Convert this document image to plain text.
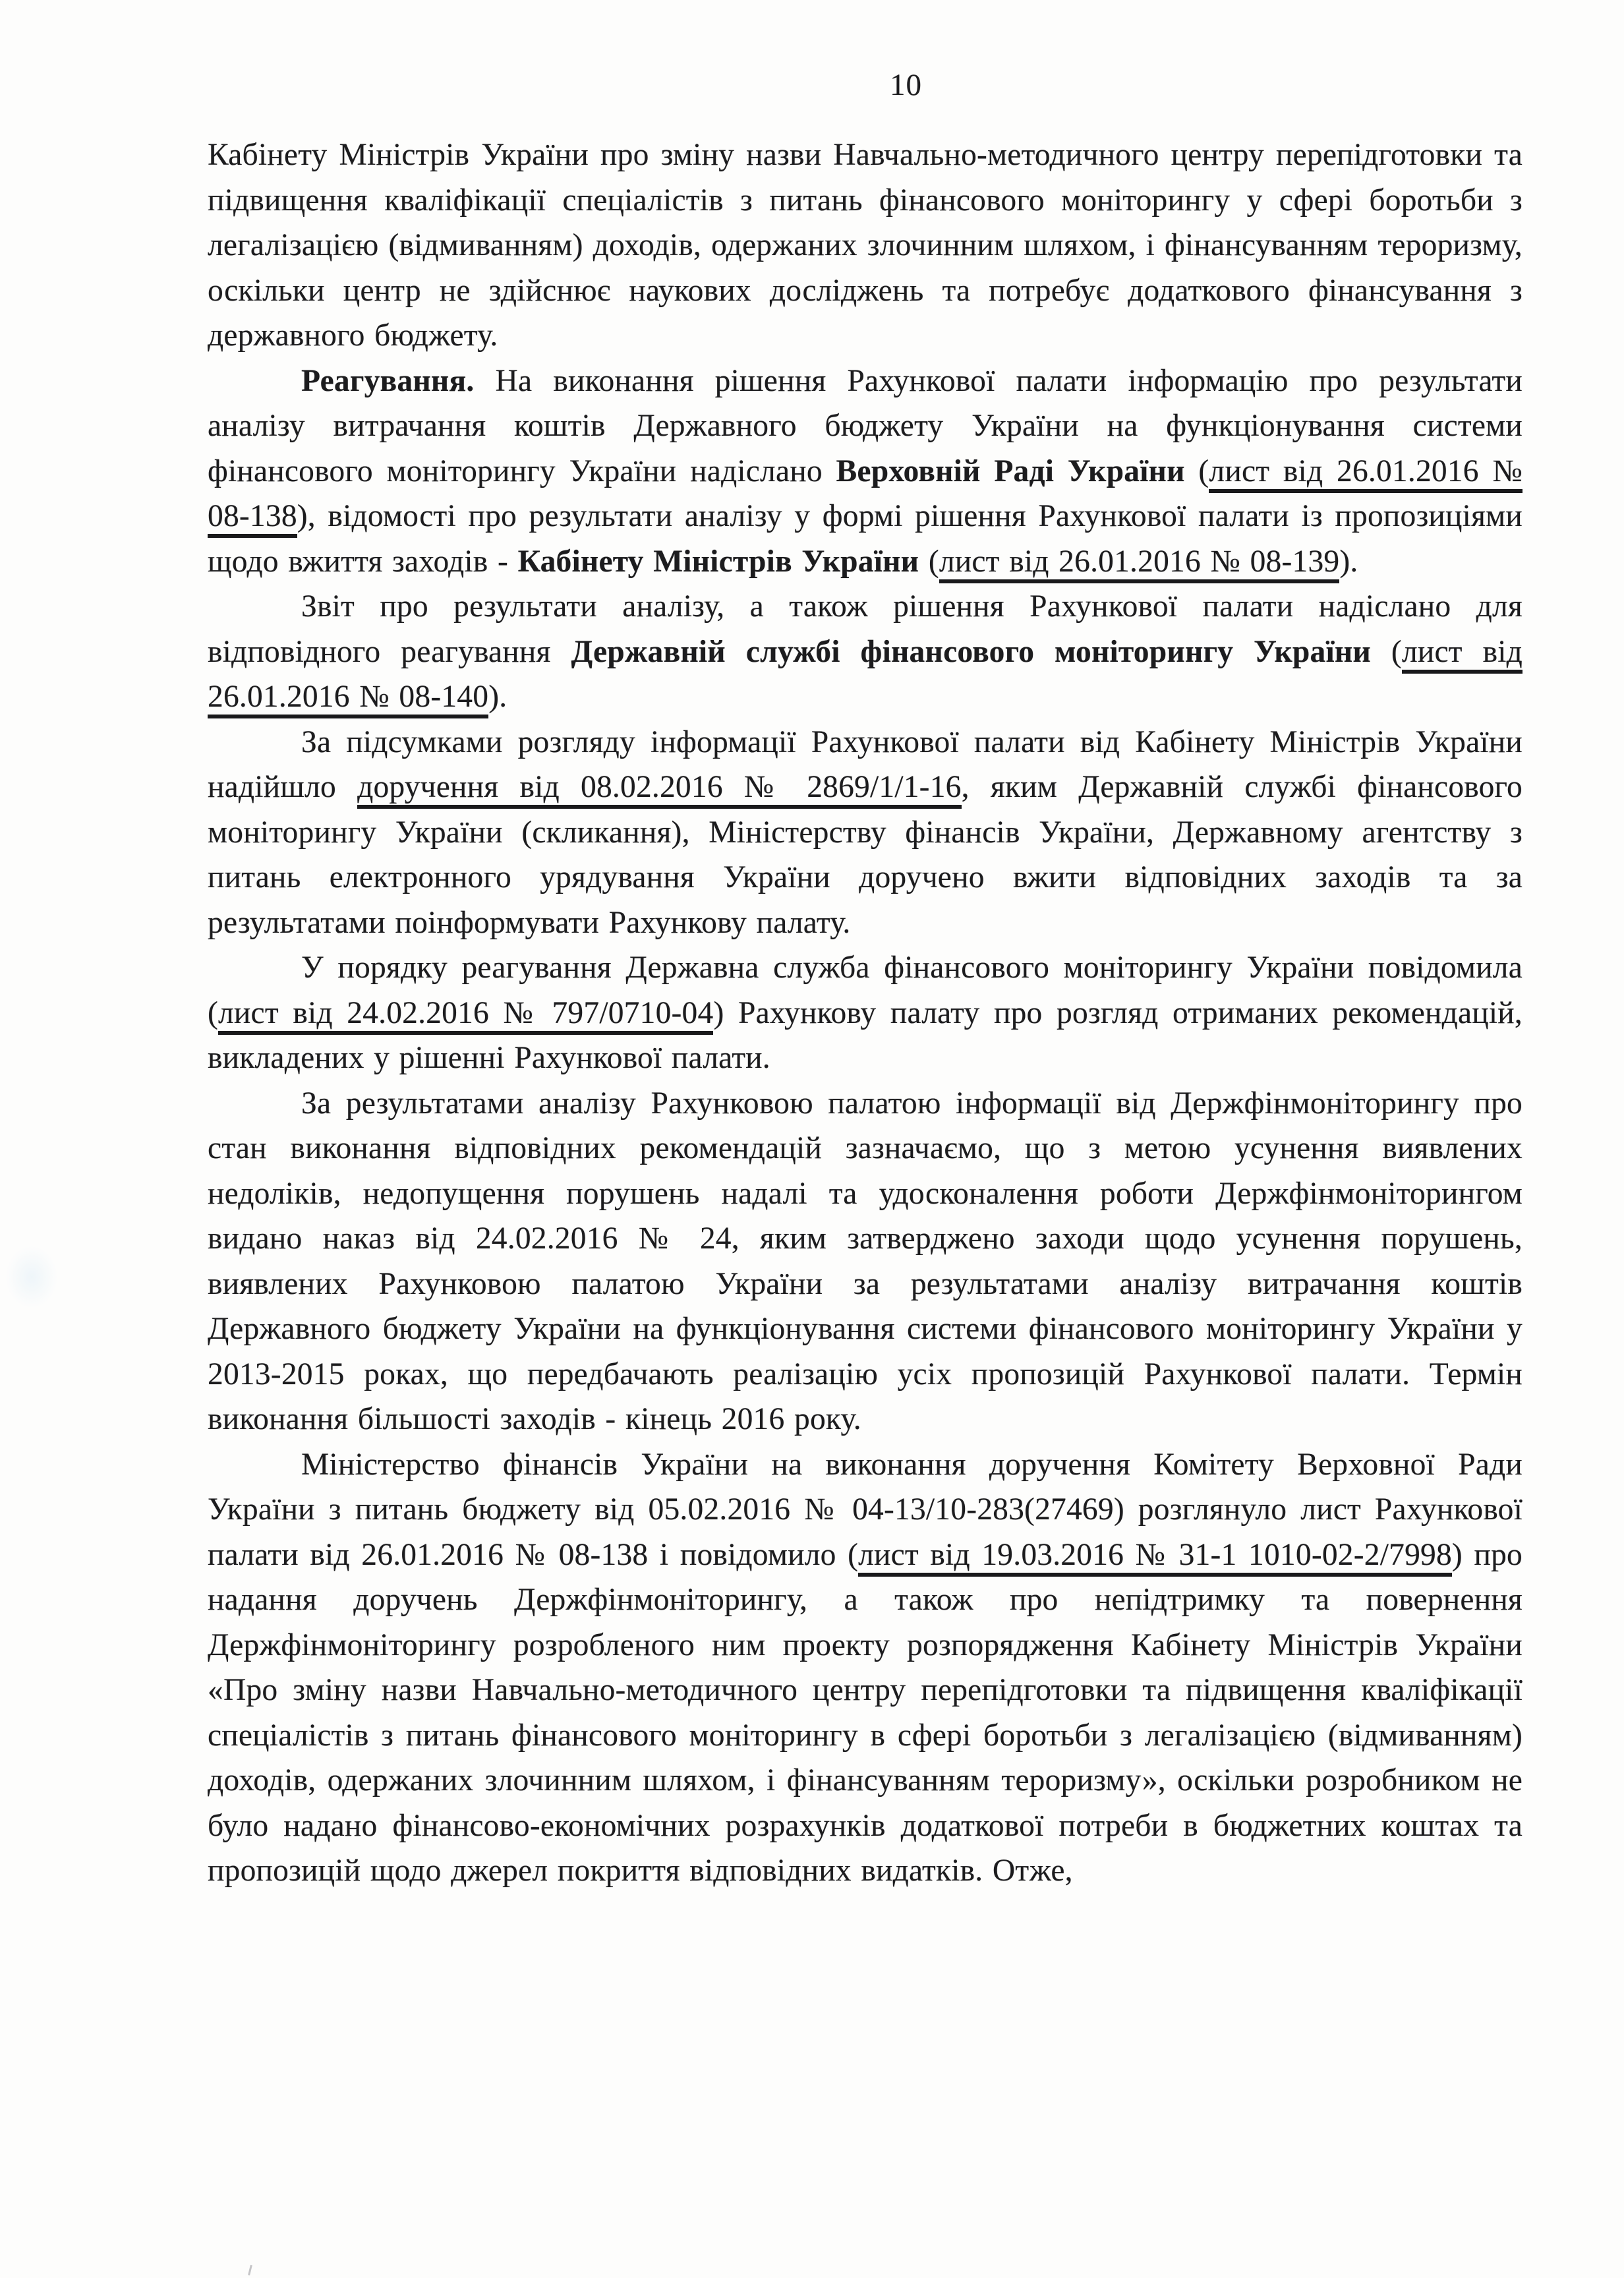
10

Кабінету Міністрів України про зміну назви Навчально-методичного центру перепідготовки та підвищення кваліфікації спеціалістів з питань фінансового моніторингу у сфері боротьби з легалізацією (відмиванням) доходів, одержаних злочинним шляхом, і фінансуванням тероризму, оскільки центр не здійснює наукових досліджень та потребує додаткового фінансування з державного бюджету.

Реагування. На виконання рішення Рахункової палати інформацію про результати аналізу витрачання коштів Державного бюджету України на функціонування системи фінансового моніторингу України надіслано Верховній Раді України (лист від 26.01.2016 № 08-138), відомості про результати аналізу у формі рішення Рахункової палати із пропозиціями щодо вжиття заходів - Кабінету Міністрів України (лист від 26.01.2016 № 08-139).

Звіт про результати аналізу, а також рішення Рахункової палати надіслано для відповідного реагування Державній службі фінансового моніторингу України (лист від 26.01.2016 № 08-140).

За підсумками розгляду інформації Рахункової палати від Кабінету Міністрів України надійшло доручення від 08.02.2016 № 2869/1/1-16, яким Державній службі фінансового моніторингу України (скликання), Міністерству фінансів України, Державному агентству з питань електронного урядування України доручено вжити відповідних заходів та за результатами поінформувати Рахункову палату.

У порядку реагування Державна служба фінансового моніторингу України повідомила (лист від 24.02.2016 № 797/0710-04) Рахункову палату про розгляд отриманих рекомендацій, викладених у рішенні Рахункової палати.

За результатами аналізу Рахунковою палатою інформації від Держфінмоніторингу про стан виконання відповідних рекомендацій зазначаємо, що з метою усунення виявлених недоліків, недопущення порушень надалі та удосконалення роботи Держфінмоніторингом видано наказ від 24.02.2016 № 24, яким затверджено заходи щодо усунення порушень, виявлених Рахунковою палатою України за результатами аналізу витрачання коштів Державного бюджету України на функціонування системи фінансового моніторингу України у 2013-2015 роках, що передбачають реалізацію усіх пропозицій Рахункової палати. Термін виконання більшості заходів - кінець 2016 року.

Міністерство фінансів України на виконання доручення Комітету Верховної Ради України з питань бюджету від 05.02.2016 № 04-13/10-283(27469) розглянуло лист Рахункової палати від 26.01.2016 № 08-138 і повідомило (лист від 19.03.2016 № 31-1 1010-02-2/7998) про надання доручень Держфінмоніторингу, а також про непідтримку та повернення Держфінмоніторингу розробленого ним проекту розпорядження Кабінету Міністрів України «Про зміну назви Навчально-методичного центру перепідготовки та підвищення кваліфікації спеціалістів з питань фінансового моніторингу в сфері боротьби з легалізацією (відмиванням) доходів, одержаних злочинним шляхом, і фінансуванням тероризму», оскільки розробником не було надано фінансово-економічних розрахунків додаткової потреби в бюджетних коштах та пропозицій щодо джерел покриття відповідних видатків. Отже,
